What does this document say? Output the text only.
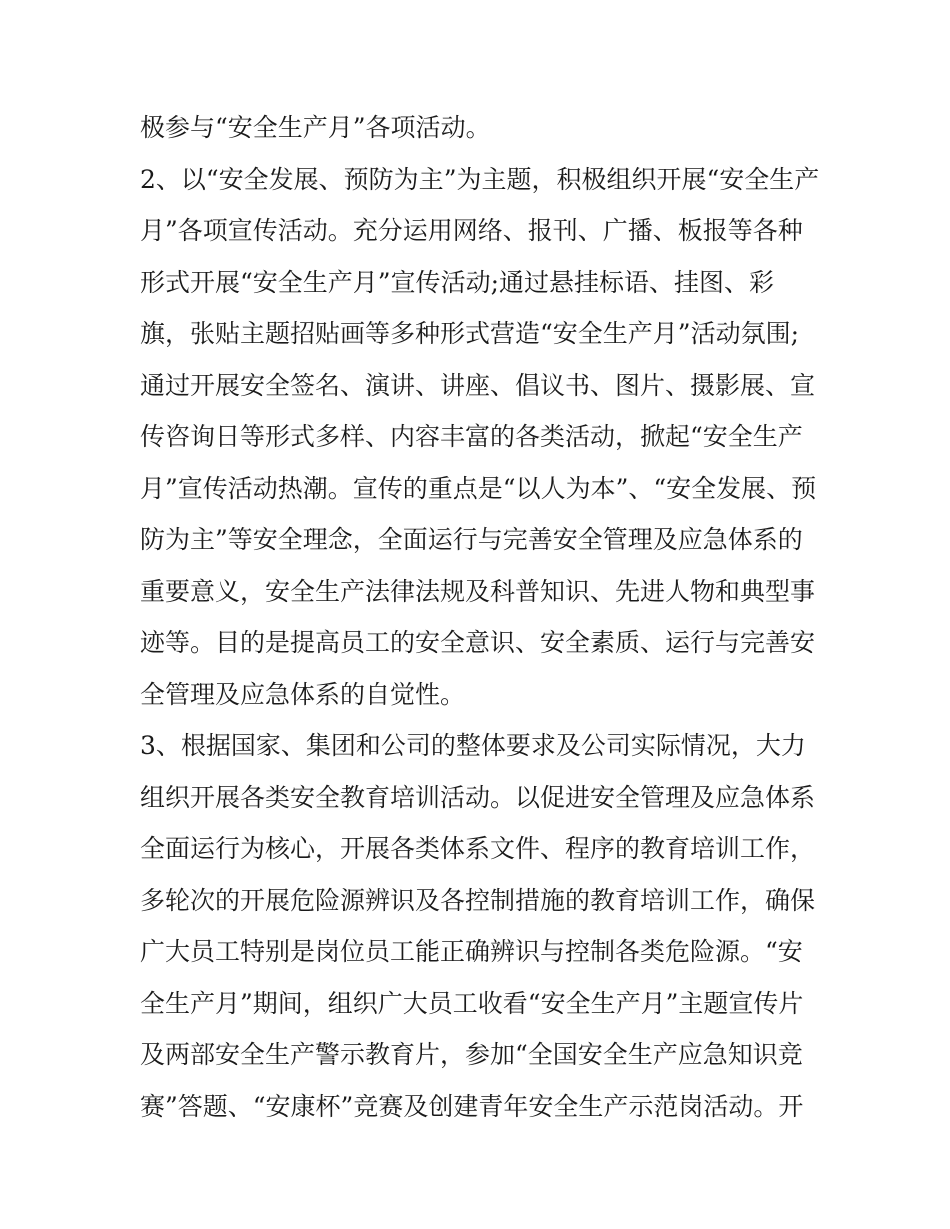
极参与“安全生产月”各项活动。
2、以“安全发展、预防为主”为主题，积极组织开展“安全生产
月”各项宣传活动。充分运用网络、报刊、广播、板报等各种
形式开展“安全生产月”宣传活动;通过悬挂标语、挂图、彩
旗，张贴主题招贴画等多种形式营造“安全生产月”活动氛围;
通过开展安全签名、演讲、讲座、倡议书、图片、摄影展、宣
传咨询日等形式多样、内容丰富的各类活动，掀起“安全生产
月”宣传活动热潮。宣传的重点是“以人为本”、“安全发展、预
防为主”等安全理念，全面运行与完善安全管理及应急体系的
重要意义，安全生产法律法规及科普知识、先进人物和典型事
迹等。目的是提高员工的安全意识、安全素质、运行与完善安
全管理及应急体系的自觉性。
3、根据国家、集团和公司的整体要求及公司实际情况，大力
组织开展各类安全教育培训活动。以促进安全管理及应急体系
全面运行为核心，开展各类体系文件、程序的教育培训工作，
多轮次的开展危险源辨识及各控制措施的教育培训工作，确保
广大员工特别是岗位员工能正确辨识与控制各类危险源。“安
全生产月”期间，组织广大员工收看“安全生产月”主题宣传片
及两部安全生产警示教育片，参加“全国安全生产应急知识竞
赛”答题、“安康杯”竞赛及创建青年安全生产示范岗活动。开
